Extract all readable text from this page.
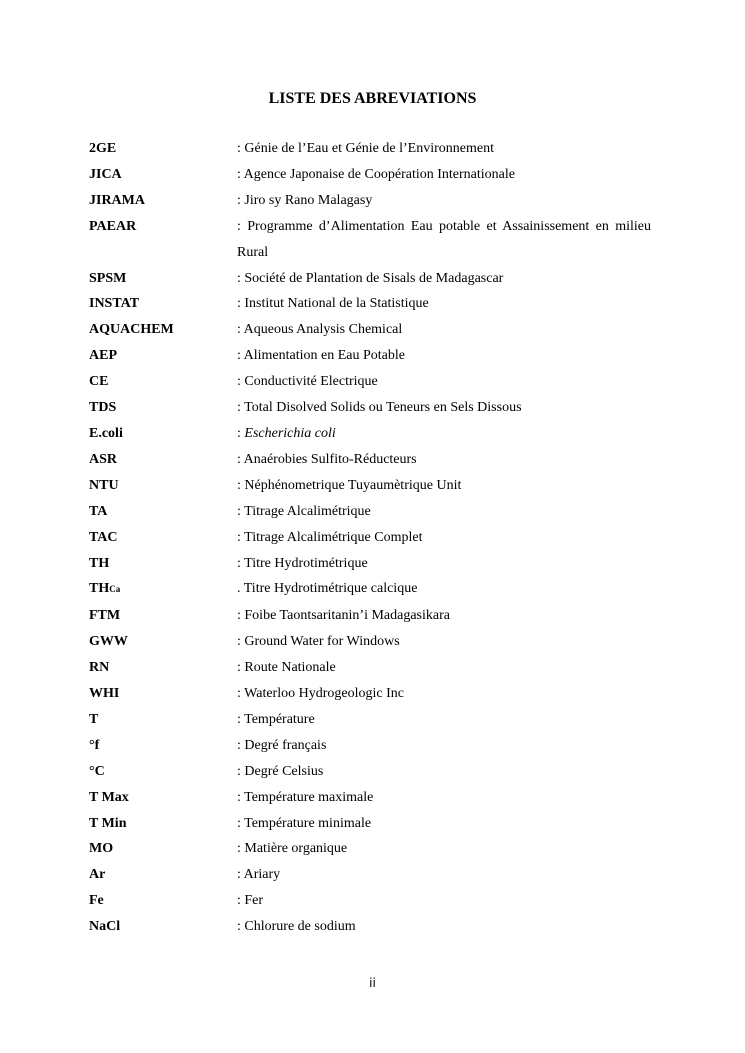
LISTE DES ABREVIATIONS
2GE	: Génie de l’Eau et Génie de l’Environnement
JICA	: Agence Japonaise de Coopération Internationale
JIRAMA	: Jiro sy Rano Malagasy
PAEAR	: Programme d’Alimentation Eau potable et Assainissement en milieu Rural
SPSM	: Société de Plantation de Sisals de Madagascar
INSTAT	: Institut National de la Statistique
AQUACHEM	: Aqueous Analysis Chemical
AEP	: Alimentation en Eau Potable
CE	: Conductivité Electrique
TDS	: Total Disolved Solids ou Teneurs en Sels Dissous
E.coli	: Escherichia coli
ASR	: Anaérobies Sulfito-Réducteurs
NTU	: Néphénometrique Tuyaumètrique Unit
TA	: Titrage Alcalimétrique
TAC	: Titrage Alcalimétrique Complet
TH	: Titre Hydrotimétrique
THCa	. Titre Hydrotimétrique calcique
FTM	: Foibe Taontsaritanin’i Madagasikara
GWW	: Ground Water for Windows
RN	: Route Nationale
WHI	: Waterloo Hydrogeologic Inc
T	: Température
°f	: Degré français
°C	: Degré Celsius
T Max	: Température maximale
T Min	: Température minimale
MO	: Matière organique
Ar	: Ariary
Fe	: Fer
NaCl	: Chlorure de sodium
ii
